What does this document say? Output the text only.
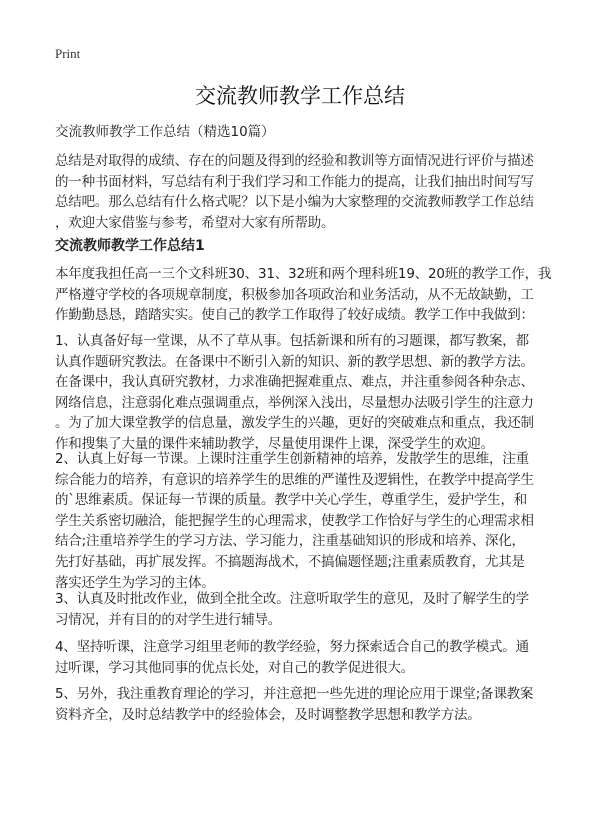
Print
交流教师教学工作总结
交流教师教学工作总结（精选10篇）
总结是对取得的成绩、存在的问题及得到的经验和教训等方面情况进行评价与描述
的一种书面材料，写总结有利于我们学习和工作能力的提高，让我们抽出时间写写
总结吧。那么总结有什么格式呢？以下是小编为大家整理的交流教师教学工作总结
，欢迎大家借鉴与参考，希望对大家有所帮助。
交流教师教学工作总结1
本年度我担任高一三个文科班30、31、32班和两个理科班19、20班的教学工作，我
严格遵守学校的各项规章制度，积极参加各项政治和业务活动，从不无故缺勤，工
作勤勤恳恳，踏踏实实。使自己的教学工作取得了较好成绩。教学工作中我做到：
1、认真备好每一堂课，从不了草从事。包括新课和所有的习题课，都写教案，都
认真作题研究教法。在备课中不断引入新的知识、新的教学思想、新的教学方法。
在备课中，我认真研究教材，力求准确把握难重点、难点，并注重参阅各种杂志、
网络信息，注意弱化难点强调重点，举例深入浅出，尽量想办法吸引学生的注意力
。为了加大课堂教学的信息量，激发学生的兴趣，更好的突破难点和重点，我还制
作和搜集了大量的课件来辅助教学，尽量使用课件上课，深受学生的欢迎。
2、认真上好每一节课。上课时注重学生创新精神的培养，发散学生的思维，注重
综合能力的培养，有意识的培养学生的思维的严谨性及逻辑性，在教学中提高学生
的`思维素质。保证每一节课的质量。教学中关心学生，尊重学生，爱护学生，和
学生关系密切融洽，能把握学生的心理需求，使教学工作恰好与学生的心理需求相
结合;注重培养学生的学习方法、学习能力，注重基础知识的形成和培养、深化，
先打好基础，再扩展发挥。不搞题海战术，不搞偏题怪题;注重素质教育，尤其是
落实还学生为学习的主体。
3、认真及时批改作业，做到全批全改。注意听取学生的意见，及时了解学生的学
习情况，并有目的的对学生进行辅导。
4、坚持听课，注意学习组里老师的教学经验，努力探索适合自己的教学模式。通
过听课，学习其他同事的优点长处，对自己的教学促进很大。
5、另外，我注重教育理论的学习，并注意把一些先进的理论应用于课堂;备课教案
资料齐全，及时总结教学中的经验体会，及时调整教学思想和教学方法。
